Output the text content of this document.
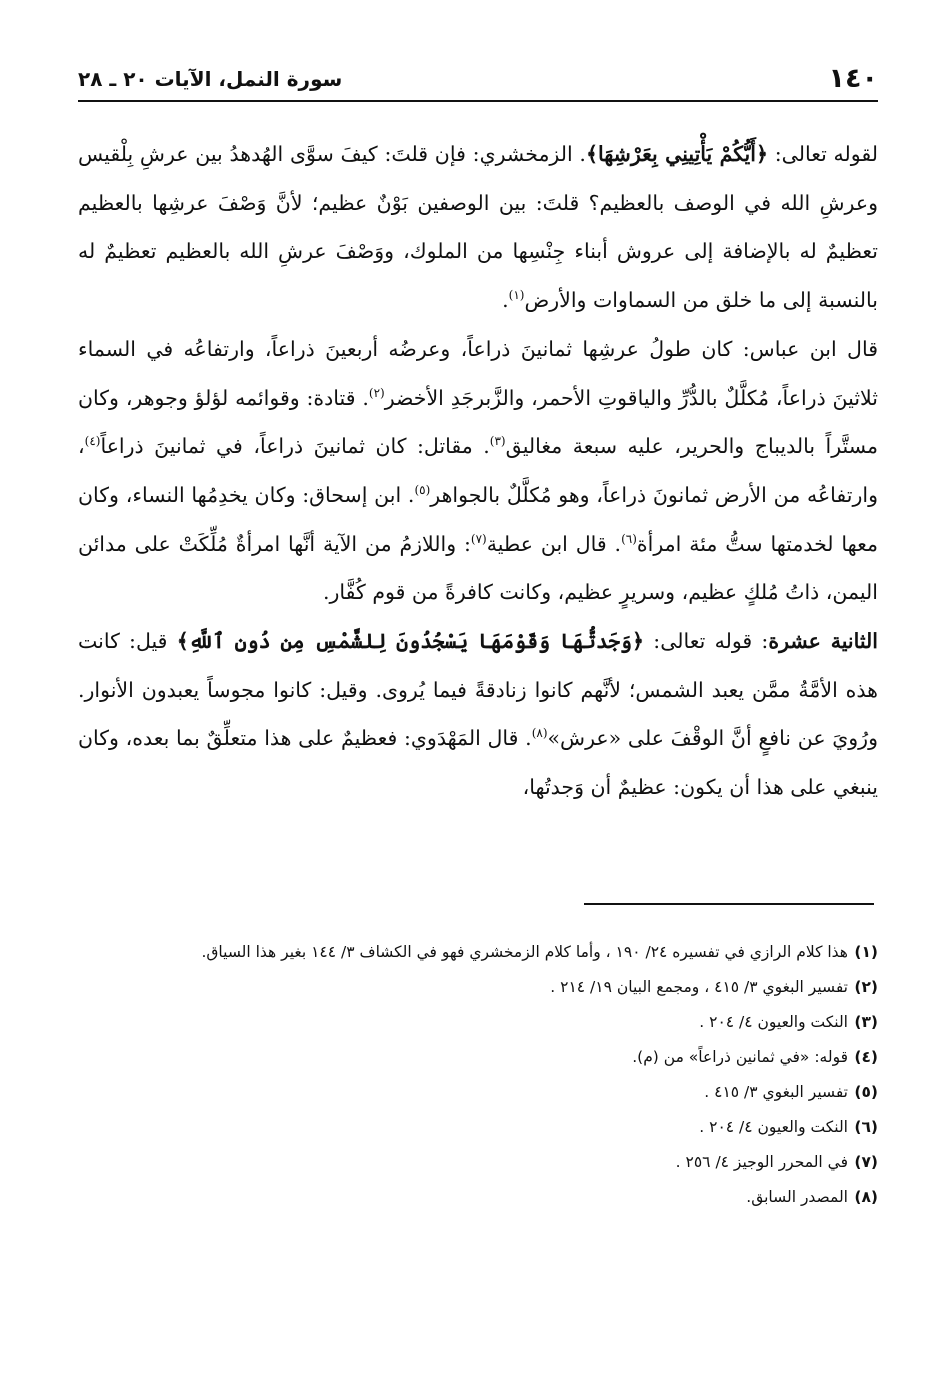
١٤٠
سورة النمل، الآيات ٢٠ ـ ٢٨

لقوله تعالى: ﴿أَيُّكُمْ يَأْتِينِي بِعَرْشِهَا﴾. الزمخشري: فإن قلتَ: كيفَ سوَّى الهُدهدُ بين عرشِ بِلْقيس وعرشِ الله في الوصف بالعظيم؟ قلتَ: بين الوصفين بَوْنٌ عظيم؛ لأنَّ وَصْفَ عرشِها بالعظيم تعظيمٌ له بالإضافة إلى عروش أبناء جِنْسِها من الملوك، ووَصْفَ عرشِ الله بالعظيم تعظيمٌ له بالنسبة إلى ما خلق من السماوات والأرض$^{(١)}$.

قال ابن عباس: كان طولُ عرشِها ثمانينَ ذراعاً، وعرضُه أربعينَ ذراعاً، وارتفاعُه في السماء ثلاثينَ ذراعاً، مُكلَّلٌ بالدُّرِّ والياقوتِ الأحمر، والزَّبرجَدِ الأخضر$^{(٢)}$. قتادة: وقوائمه لؤلؤ وجوهر، وكان مستَّراً بالديباج والحرير، عليه سبعة مغاليق$^{(٣)}$. مقاتل: كان ثمانينَ ذراعاً، في ثمانينَ ذراعاً$^{(٤)}$، وارتفاعُه من الأرض ثمانونَ ذراعاً، وهو مُكلَّلٌ بالجواهر$^{(٥)}$. ابن إسحاق: وكان يخدِمُها النساء، وكان معها لخدمتها ستُّ مئة امرأة$^{(٦)}$. قال ابن عطية$^{(٧)}$: واللازمُ من الآية أنَّها امرأةٌ مُلِّكَتْ على مدائن اليمن، ذاتُ مُلكٍ عظيم، وسريرٍ عظيم، وكانت كافرةً من قوم كُفَّار.

الثانية عشرة: قوله تعالى: ﴿وَجَدتُّهَا وَقَوْمَهَا يَسْجُدُونَ لِلشَّمْسِ مِن دُونِ ٱللَّهِ﴾ قيل: كانت هذه الأمَّةُ ممَّن يعبد الشمس؛ لأنَّهم كانوا زنادقةً فيما يُروى. وقيل: كانوا مجوساً يعبدون الأنوار. ورُويَ عن نافعٍ أنَّ الوقْفَ على «عرش»$^{(٨)}$. قال المَهْدَوي: فعظيمٌ على هذا متعلِّقٌ بما بعده، وكان ينبغي على هذا أن يكون: عظيمٌ أن وَجدتُها،

(١)
هذا كلام الرازي في تفسيره ٢٤/ ١٩٠ ، وأما كلام الزمخشري فهو في الكشاف ٣/ ١٤٤ بغير هذا السياق.
(٢)
تفسير البغوي ٣/ ٤١٥ ، ومجمع البيان ١٩/ ٢١٤ .
(٣)
النكت والعيون ٤/ ٢٠٤ .
(٤)
قوله: «في ثمانين ذراعاً» من (م).
(٥)
تفسير البغوي ٣/ ٤١٥ .
(٦)
النكت والعيون ٤/ ٢٠٤ .
(٧)
في المحرر الوجيز ٤/ ٢٥٦ .
(٨)
المصدر السابق.
